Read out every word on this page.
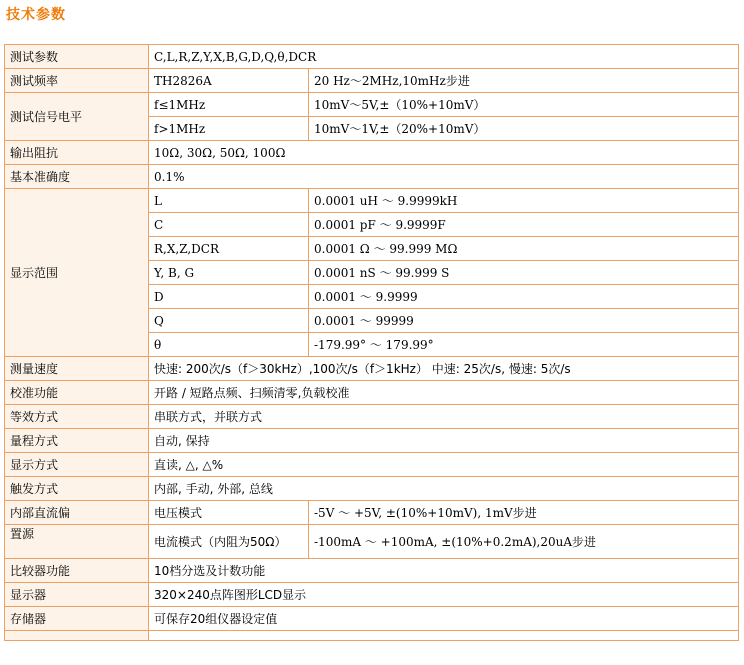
技术参数
测试参数	C,L,R,Z,Y,X,B,G,D,Q,θ,DCR	
测试频率	TH2826A	20 Hz～2MHz,10mHz步进
测试信号电平	f≤1MHz	10mV～5V,±（10%+10mV）
	f>1MHz	10mV～1V,±（20%+10mV）
输出阻抗	10Ω, 30Ω, 50Ω, 100Ω	
基本准确度	0.1%	
显示范围	L	0.0001 uH ～ 9.9999kH
	C	0.0001 pF ～ 9.9999F
	R,X,Z,DCR	0.0001 Ω ～ 99.999 MΩ
	Y, B, G	0.0001 nS ～ 99.999 S
	D	0.0001 ～ 9.9999
	Q	0.0001 ～ 99999
	θ	-179.99° ～ 179.99°
测量速度	快速: 200次/s（f＞30kHz）,100次/s（f＞1kHz） 中速: 25次/s, 慢速: 5次/s	
校准功能	开路 / 短路点频、扫频清零,负载校准	
等效方式	串联方式，并联方式	
量程方式	自动, 保持	
显示方式	直读, △, △%	
触发方式	内部, 手动, 外部, 总线	
内部直流偏	电压模式	-5V ～ +5V, ±(10%+10mV), 1mV步进
置源	电流模式（内阻为50Ω）	-100mA ～ +100mA, ±(10%+0.2mA),20uA步进
比较器功能	10档分选及计数功能	
显示器	320×240点阵图形LCD显示	
存储器	可保存20组仪器设定值	
